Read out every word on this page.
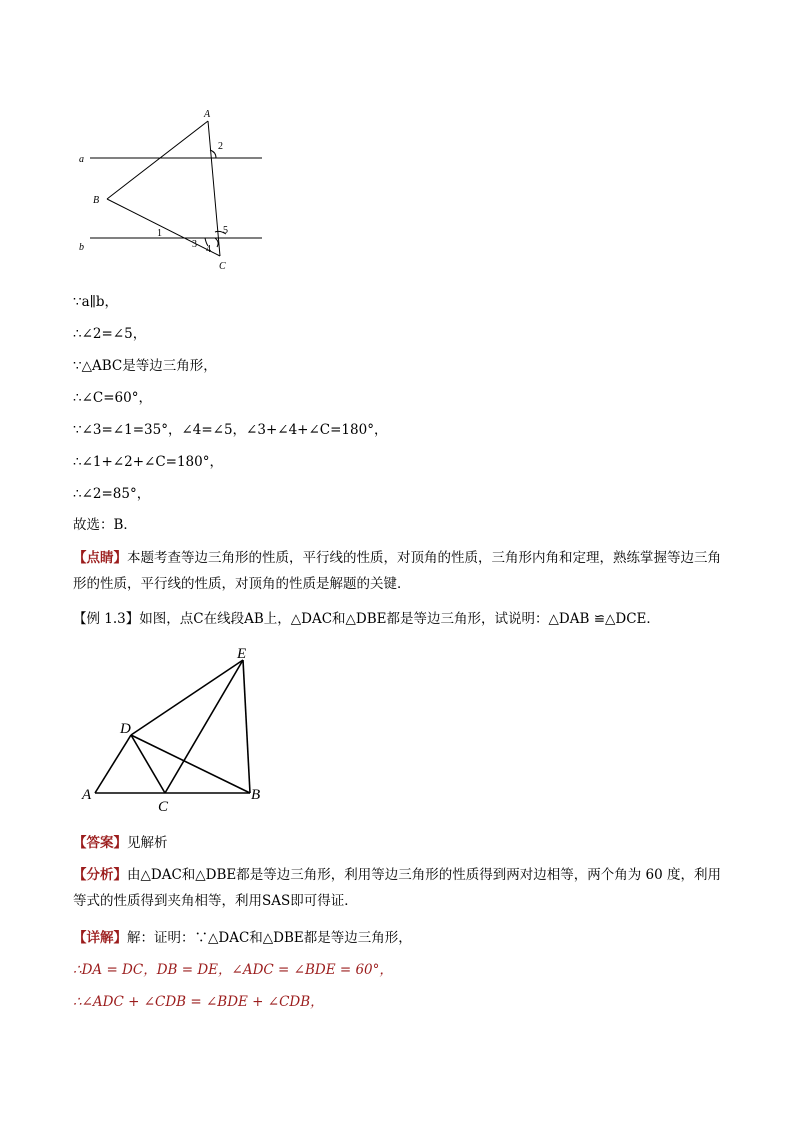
A
B
C
a
b
1
2
3 4
5
∵a∥b，
∴∠2=∠5，
∵△ABC是等边三角形，
∴∠C=60°，
∵∠3=∠1=35°，∠4=∠5，∠3+∠4+∠C=180°，
∴∠1+∠2+∠C=180°，
∴∠2=85°，
故选：B．
【点睛】本题考查等边三角形的性质，平行线的性质，对顶角的性质，三角形内角和定理，熟练掌握等边三角形的性质，平行线的性质，对顶角的性质是解题的关键．
【例 1.3】如图，点C在线段AB上，△DAC和△DBE都是等边三角形，试说明：△DAB ≌△DCE．
A	B
C
D
E
【答案】见解析
【分析】由△DAC和△DBE都是等边三角形，利用等边三角形的性质得到两对边相等，两个角为 60 度，利用等式的性质得到夹角相等，利用SAS即可得证．
【详解】解：证明：∵△DAC和△DBE都是等边三角形，
∴DA = DC，DB = DE，∠ADC = ∠BDE = 60°，
∴∠ADC + ∠CDB = ∠BDE + ∠CDB，
